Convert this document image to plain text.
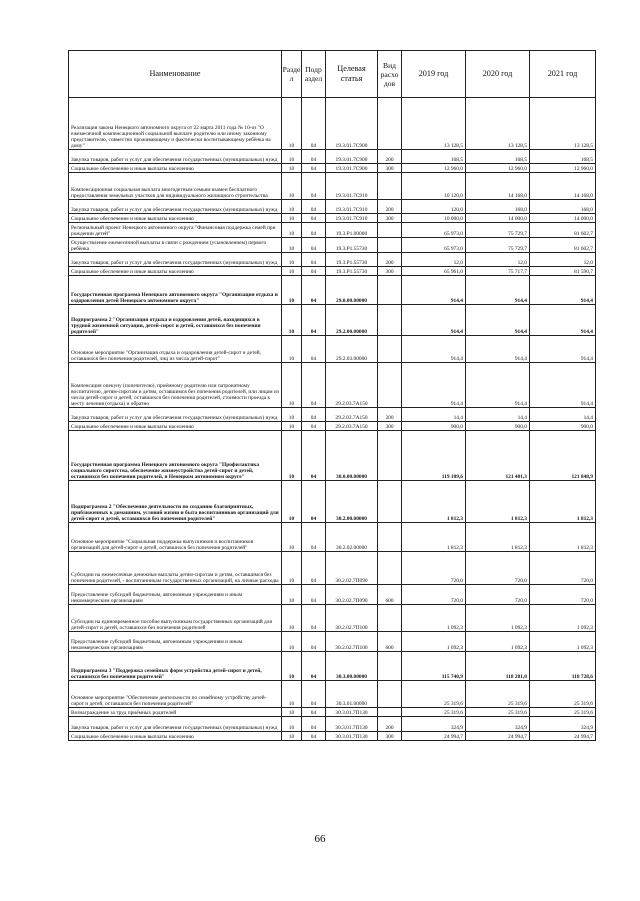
Наименование	Разде л	Подр аздел	Целевая статья	Вид расхо дов	2019 год	2020 год	2021 год
Реализация закона Ненецкого автономного округа от 22 марта 2011 года № 10-оз "О ежемесячной компенсационной социальной выплате родителю или иному законному представителю, совместно проживающему и фактически воспитывающему ребёнка на дому"	10	04	19.3.01.7С900		13 128,5	13 128,5	13 128,5
Закупка товаров, работ и услуг для обеспечения государственных (муниципальных) нужд	10	04	19.3.01.7С900	200	168,5	168,5	168,5
Социальное обеспечение и иные выплаты населению	10	04	19.3.01.7С900	300	12 960,0	12 960,0	12 960,0
Компенсационная социальная выплата многодетным семьям взамен бесплатного предоставления земельных участков для индивидуального жилищного строительства	10	04	19.3.01.7С910		10 120,0	14 168,0	14 168,0
Закупка товаров, работ и услуг для обеспечения государственных (муниципальных) нужд	10	04	19.3.01.7С910	200	120,0	168,0	168,0
Социальное обеспечение и иные выплаты населению	10	04	19.3.01.7С910	300	10 000,0	14 000,0	14 000,0
Региональный проект Ненецкого автономного округа "Финансовая поддержка семей при рождении детей"	10	04	19.3.P1.00000		65 973,0	75 729,7	81 602,7
Осуществление ежемесячной выплаты в связи с рождением (усыновлением) первого ребёнка	10	04	19.3.P1.55730		65 973,0	75 729,7	81 602,7
Закупка товаров, работ и услуг для обеспечения государственных (муниципальных) нужд	10	04	19.3.P1.55730	200	12,0	12,0	12,0
Социальное обеспечение и иные выплаты населению	10	04	19.3.P1.55730	300	65 961,0	75 717,7	81 590,7
Государственная программа Ненецкого автономного округа "Организация отдыха и оздоровления детей Ненецкого автономного округа"	10	04	29.0.00.00000		914,4	914,4	914,4
Подпрограмма 2 "Организация отдыха и оздоровления детей, находящихся в трудной жизненной ситуации, детей-сирот и детей, оставшихся без попечения родителей"	10	04	29.2.00.00000		914,4	914,4	914,4
Основное мероприятие "Организация отдыха и оздоровления детей-сирот и детей, оставшихся без попечения родителей, лиц из числа детей-сирот"	10	04	29.2.03.00000		914,4	914,4	914,4
Компенсация опекуну (попечителю), приёмному родителю или патронатному воспитателю, детям-сиротам и детям, оставшимся без попечения родителей, или лицам из числа детей-сирот и детей, оставшихся без попечения родителей, стоимости проезда к месту лечения (отдыха) и обратно	10	04	29.2.03.7А150		914,4	914,4	914,4
Закупка товаров, работ и услуг для обеспечения государственных (муниципальных) нужд	10	04	29.2.03.7А150	200	14,4	14,4	14,4
Социальное обеспечение и иные выплаты населению	10	04	29.2.03.7А150	300	900,0	900,0	900,0
Государственная программа Ненецкого автономного округа "Профилактика социального сиротства, обеспечение жизнеустройства детей-сирот и детей, оставшихся без попечения родителей, в Ненецком автономном округе"	10	04	30.0.00.00000		119 109,6	121 401,3	121 848,9
Подпрограмма 2 "Обеспечение деятельности по созданию благоприятных, приближенных к домашним, условий жизни и быта воспитанников организаций для детей-сирот и детей, оставшихся без попечения родителей"	10	04	30.2.00.00000		1 812,3	1 812,3	1 812,3
Основное мероприятие "Социальная поддержка выпускников и воспитанников организаций для детей-сирот и детей, оставшихся без попечения родителей"	10	04	30.2.02.00000		1 812,3	1 812,3	1 812,3
Субсидии на ежемесячные денежные выплаты детям-сиротам и детям, оставшимся без попечения родителей, - воспитанникам государственных организаций, на личные расходы	10	04	30.2.02.7П090		720,0	720,0	720,0
Предоставление субсидий бюджетным, автономным учреждениям и иным некоммерческим организациям	10	04	30.2.02.7П090	600	720,0	720,0	720,0
Субсидии на единовременное пособие выпускникам государственных организаций для детей-сирот и детей, оставшихся без попечения родителей	10	04	30.2.02.7П100		1 092,3	1 092,3	1 092,3
Предоставление субсидий бюджетным, автономным учреждениям и иным некоммерческим организациям	10	04	30.2.02.7П100	600	1 092,3	1 092,3	1 092,3
Подпрограмма 3 "Поддержка семейных форм устройства детей-сирот и детей, оставшихся без попечения родителей"	10	04	30.3.00.00000		115 740,9	118 281,0	118 728,6
Основное мероприятие "Обеспечение деятельности по семейному устройству детей-сирот и детей, оставшихся без попечения родителей"	10	04	30.3.01.00000		25 319,6	25 319,6	25 319,6
Вознаграждение за труд приёмных родителей	10	04	30.3.01.7П130		25 319,6	25 319,6	25 319,6
Закупка товаров, работ и услуг для обеспечения государственных (муниципальных) нужд	10	04	30.3.01.7П130	200	324,9	324,9	324,9
Социальное обеспечение и иные выплаты населению	10	04	30.3.01.7П130	300	24 994,7	24 994,7	24 994,7
66
